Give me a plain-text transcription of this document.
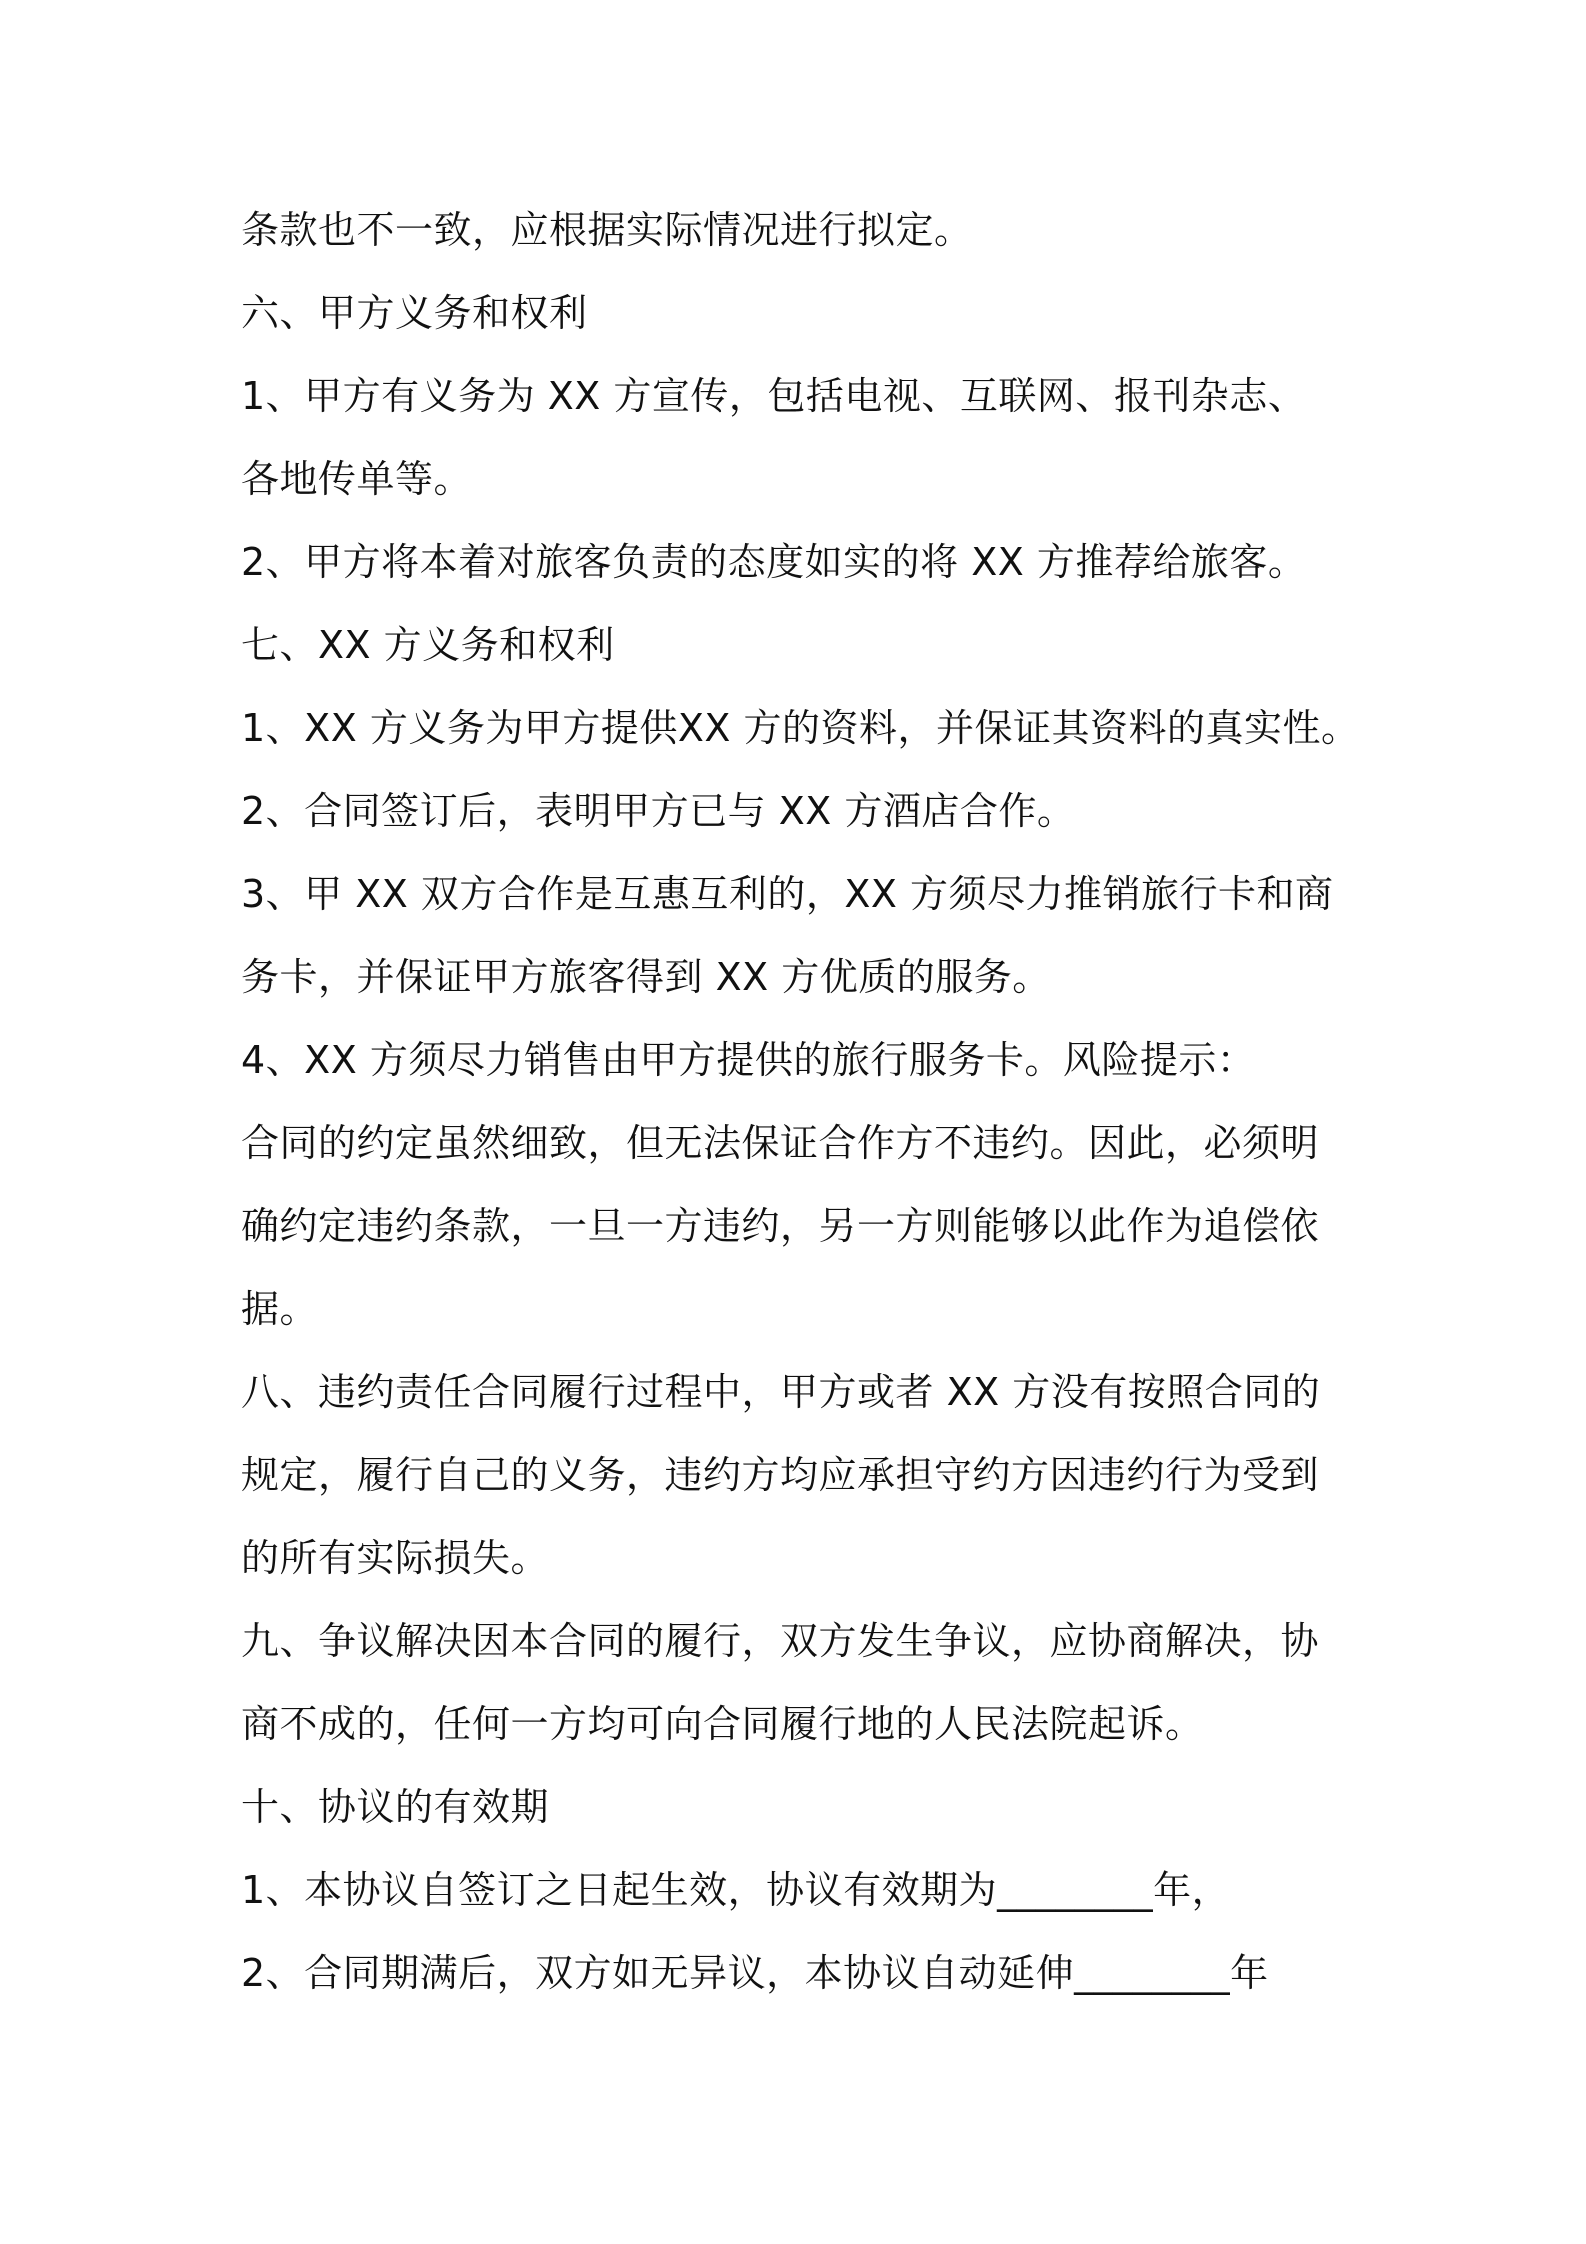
条款也不一致，应根据实际情况进行拟定。
六、甲方义务和权利
1、甲方有义务为 XX 方宣传，包括电视、互联网、报刊杂志、
各地传单等。
2、甲方将本着对旅客负责的态度如实的将 XX 方推荐给旅客。
七、XX 方义务和权利
1、XX 方义务为甲方提供XX 方的资料，并保证其资料的真实性。
2、合同签订后，表明甲方已与 XX 方酒店合作。
3、甲 XX 双方合作是互惠互利的，XX 方须尽力推销旅行卡和商
务卡，并保证甲方旅客得到 XX 方优质的服务。
4、XX 方须尽力销售由甲方提供的旅行服务卡。风险提示：
合同的约定虽然细致，但无法保证合作方不违约。因此，必须明
确约定违约条款，一旦一方违约，另一方则能够以此作为追偿依
据。
八、违约责任合同履行过程中，甲方或者 XX 方没有按照合同的
规定，履行自己的义务，违约方均应承担守约方因违约行为受到
的所有实际损失。
九、争议解决因本合同的履行，双方发生争议，应协商解决，协
商不成的，任何一方均可向合同履行地的人民法院起诉。
十、协议的有效期
1、本协议自签订之日起生效，协议有效期为________年，
2、合同期满后，双方如无异议，本协议自动延伸________年
